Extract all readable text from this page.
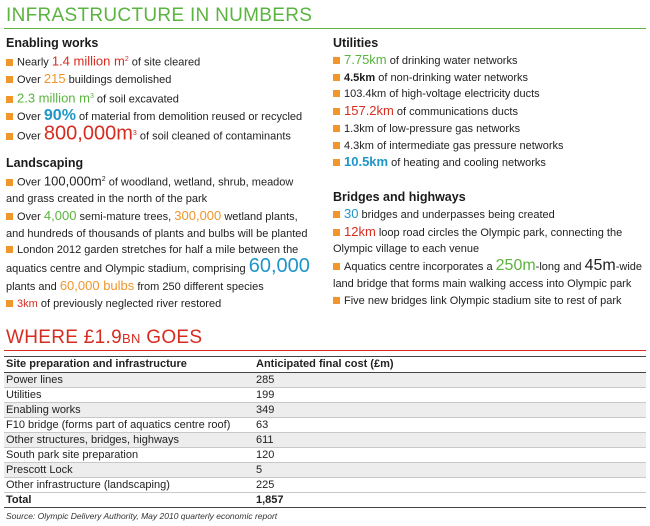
INFRASTRUCTURE IN NUMBERS
Enabling works

Nearly 1.4 million $m^2$ of site cleared

Over 215 buildings demolished

2.3 million $m^3$ of soil excavated

Over 90% of material from demolition reused or recycled

Over $800,000m^3$ of soil cleaned of contaminants

Landscaping

Over $100,000m^2$ of woodland, wetland, shrub, meadow
and grass created in the north of the park

Over 4,000 semi-mature trees, 300,000 wetland plants,
and hundreds of thousands of plants and bulbs will be planted

London 2012 garden stretches for half a mile between the
aquatics centre and Olympic stadium, comprising 60,000
plants and 60,000 bulbs from 250 different species

3km of previously neglected river restored

Utilities

7.75km of drinking water networks

4.5km of non-drinking water networks

103.4km of high-voltage electricity ducts

157.2km of communications ducts

1.3km of low-pressure gas networks

4.3km of intermediate gas pressure networks

10.5km of heating and cooling networks

Bridges and highways

30 bridges and underpasses being created

12km loop road circles the Olympic park, connecting the
Olympic village to each venue

Aquatics centre incorporates a 250m-long and 45m-wide
land bridge that forms main walking access into Olympic park

Five new bridges link Olympic stadium site to rest of park

WHERE £1.9BN GOES
Site preparation and infrastructure	Anticipated final cost (£m)
Power lines	285
Utilities	199
Enabling works	349
F10 bridge (forms part of aquatics centre roof)	63
Other structures, bridges, highways	611
South park site preparation	120
Prescott Lock	5
Other infrastructure (landscaping)	225
Total	1,857
Source: Olympic Delivery Authority, May 2010 quarterly economic report
